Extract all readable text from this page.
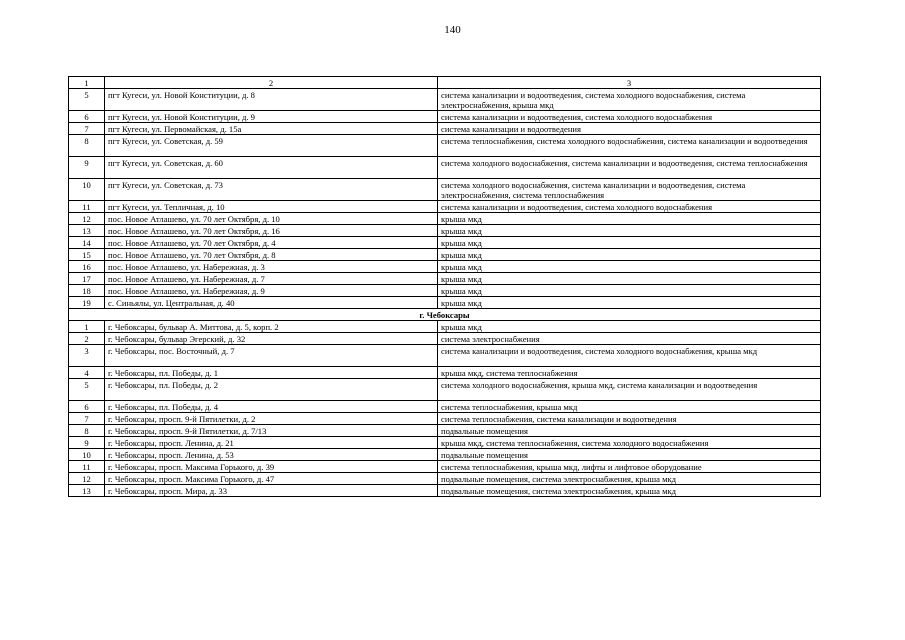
140
1	2	3
5	пгт Кугеси, ул. Новой Конституции, д. 8	система канализации и водоотведения, система холодного водоснабжения, система электроснабжения, крыша мкд
6	пгт Кугеси, ул. Новой Конституции, д. 9	система канализации и водоотведения, система холодного водоснабжения
7	пгт Кугеси, ул. Первомайская, д. 15а	система канализации и водоотведения
8	пгт Кугеси, ул. Советская, д. 59	система теплоснабжения, система холодного водоснабжения, система канализации и водоотведения
9	пгт Кугеси, ул. Советская, д. 60	система холодного водоснабжения, система канализации и водоотведения, система теплоснабжения
10	пгт Кугеси, ул. Советская, д. 73	система холодного водоснабжения, система канализации и водоотведения, система электроснабжения, система теплоснабжения
11	пгт Кугеси, ул. Тепличная, д. 10	система канализации и водоотведения, система холодного водоснабжения
12	пос. Новое Атлашево, ул. 70 лет Октября, д. 10	крыша мкд
13	пос. Новое Атлашево, ул. 70 лет Октября, д. 16	крыша мкд
14	пос. Новое Атлашево, ул. 70 лет Октября, д. 4	крыша мкд
15	пос. Новое Атлашево, ул. 70 лет Октября, д. 8	крыша мкд
16	пос. Новое Атлашево, ул. Набережная, д. 3	крыша мкд
17	пос. Новое Атлашево, ул. Набережная, д. 7	крыша мкд
18	пос. Новое Атлашево, ул. Набережная, д. 9	крыша мкд
19	с. Синьялы, ул. Центральная, д. 40	крыша мкд
г. Чебоксары		
1	г. Чебоксары, бульвар А. Миттова, д. 5, корп. 2	крыша мкд
2	г. Чебоксары, бульвар Эгерский, д. 32	система электроснабжения
3	г. Чебоксары, пос. Восточный, д. 7	система канализации и водоотведения, система холодного водоснабжения, крыша мкд
4	г. Чебоксары, пл. Победы, д. 1	крыша мкд, система теплоснабжения
5	г. Чебоксары, пл. Победы, д. 2	система холодного водоснабжения, крыша мкд, система канализации и водоотведения
6	г. Чебоксары, пл. Победы, д. 4	система теплоснабжения, крыша мкд
7	г. Чебоксары, просп. 9-й Пятилетки, д. 2	система теплоснабжения, система канализации и водоотведения
8	г. Чебоксары, просп. 9-й Пятилетки, д. 7/13	подвальные помещения
9	г. Чебоксары, просп. Ленина, д. 21	крыша мкд, система теплоснабжения, система холодного водоснабжения
10	г. Чебоксары, просп. Ленина, д. 53	подвальные помещения
11	г. Чебоксары, просп. Максима Горького, д. 39	система теплоснабжения, крыша мкд, лифты и лифтовое оборудование
12	г. Чебоксары, просп. Максима Горького, д. 47	подвальные помещения, система электроснабжения, крыша мкд
13	г. Чебоксары, просп. Мира, д. 33	подвальные помещения, система электроснабжения, крыша мкд
